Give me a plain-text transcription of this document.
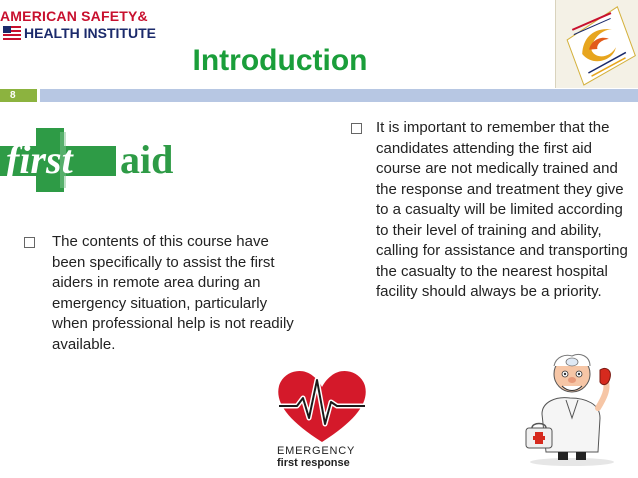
AMERICAN SAFETY&
HEALTH INSTITUTE
Introduction
8
first aid
The contents of this course have been specifically to assist the first aiders in remote area during an emergency situation, particularly when professional help is not readily available.
It is important to remember that the candidates attending the first aid course are not medically trained and the response and treatment they give to a casualty will be limited according to their level of training and ability, calling for assistance and transporting the casualty to the nearest hospital facility should always be a priority.
EMERGENCY
first response
